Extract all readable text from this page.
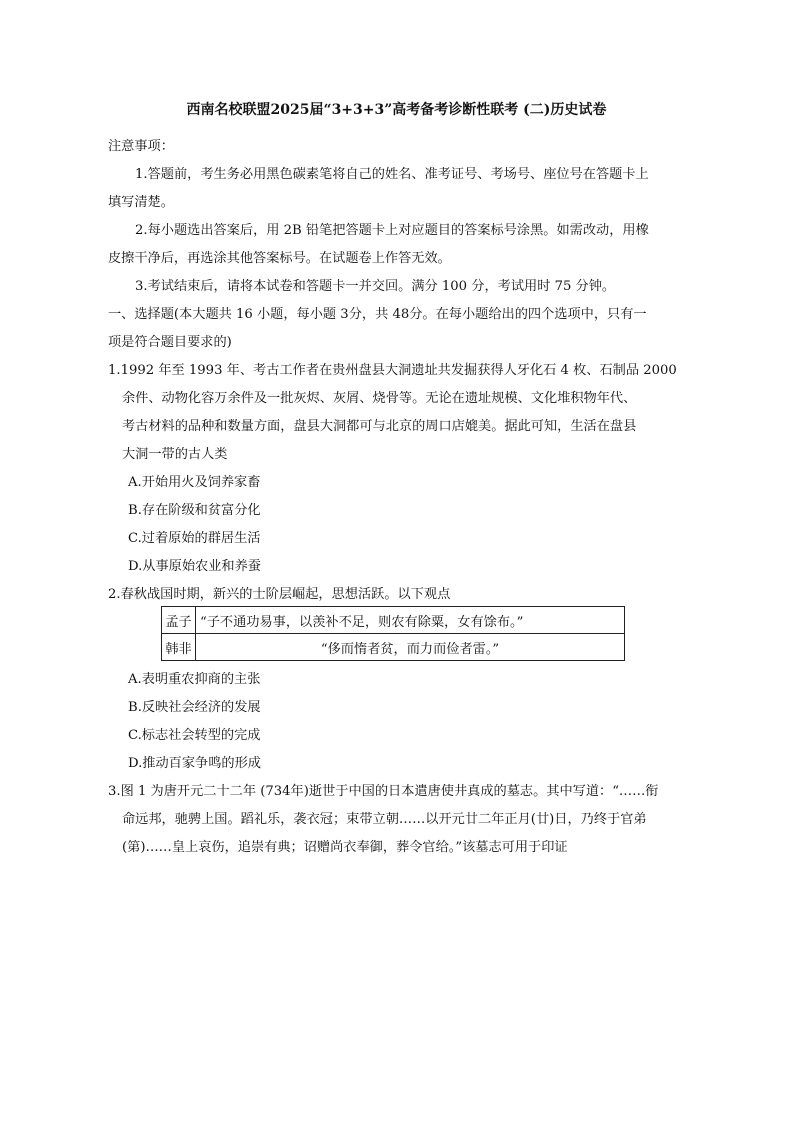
西南名校联盟2025届“3+3+3”高考备考诊断性联考 (二)历史试卷
注意事项：
1.答题前，考生务必用黑色碳素笔将自己的姓名、准考证号、考场号、座位号在答题卡上
填写清楚。
2.每小题选出答案后，用 2B 铅笔把答题卡上对应题目的答案标号涂黑。如需改动，用橡
皮擦干净后，再选涂其他答案标号。在试题卷上作答无效。
3.考试结束后，请将本试卷和答题卡一并交回。满分 100 分，考试用时 75 分钟。
一、选择题(本大题共 16 小题，每小题 3分，共 48分。在每小题给出的四个选项中，只有一
项是符合题目要求的)
1.1992 年至 1993 年、考古工作者在贵州盘县大洞遗址共发掘获得人牙化石 4 枚、石制品 2000
余件、动物化容万余件及一批灰烬、灰屑、烧骨等。无论在遗址规模、文化堆积物年代、
考古材料的品种和数量方面，盘县大洞都可与北京的周口店媲美。据此可知，生活在盘县
大洞一带的古人类
A.开始用火及饲养家畜
B.存在阶级和贫富分化
C.过着原始的群居生活
D.从事原始农业和养蚕
2.春秋战国时期，新兴的士阶层崛起，思想活跃。以下观点
孟子	“子不通功易事，以羡补不足，则农有除粟，女有馀布。”
韩非	“侈而惰者贫，而力而俭者雷。”
A.表明重农抑商的主张
B.反映社会经济的发展
C.标志社会转型的完成
D.推动百家争鸣的形成
3.图 1 为唐开元二十二年 (734年)逝世于中国的日本遣唐使井真成的墓志。其中写道：“……衔
命远邦，驰骋上国。蹈礼乐，袭衣冠；束带立朝……以开元廿二年正月(廿)日，乃终于官弟
(第)……皇上哀伤，追崇有典；诏赠尚衣奉御，葬令官给。”该墓志可用于印证
